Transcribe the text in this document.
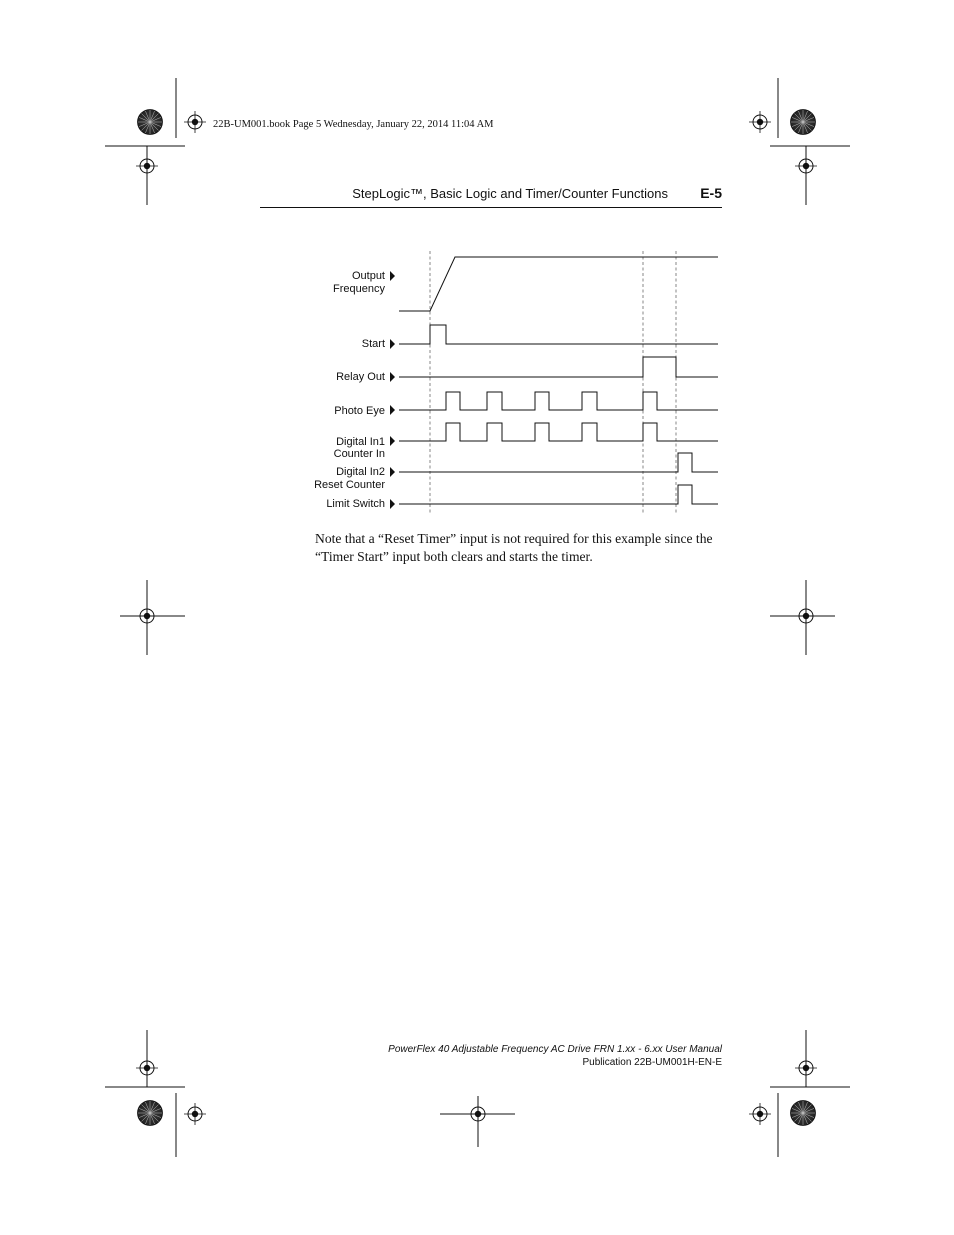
22B-UM001.book Page 5 Wednesday, January 22, 2014 11:04 AM
StepLogic™, Basic Logic and Timer/Counter Functions E-5
Output
Frequency
Start
Relay Out
Photo Eye
Digital In1
Counter In
Digital In2
Reset Counter
Limit Switch
Note that a “Reset Timer” input is not required for this example since the “Timer Start” input both clears and starts the timer.
PowerFlex 40 Adjustable Frequency AC Drive FRN 1.xx - 6.xx User Manual
Publication 22B-UM001H-EN-E
